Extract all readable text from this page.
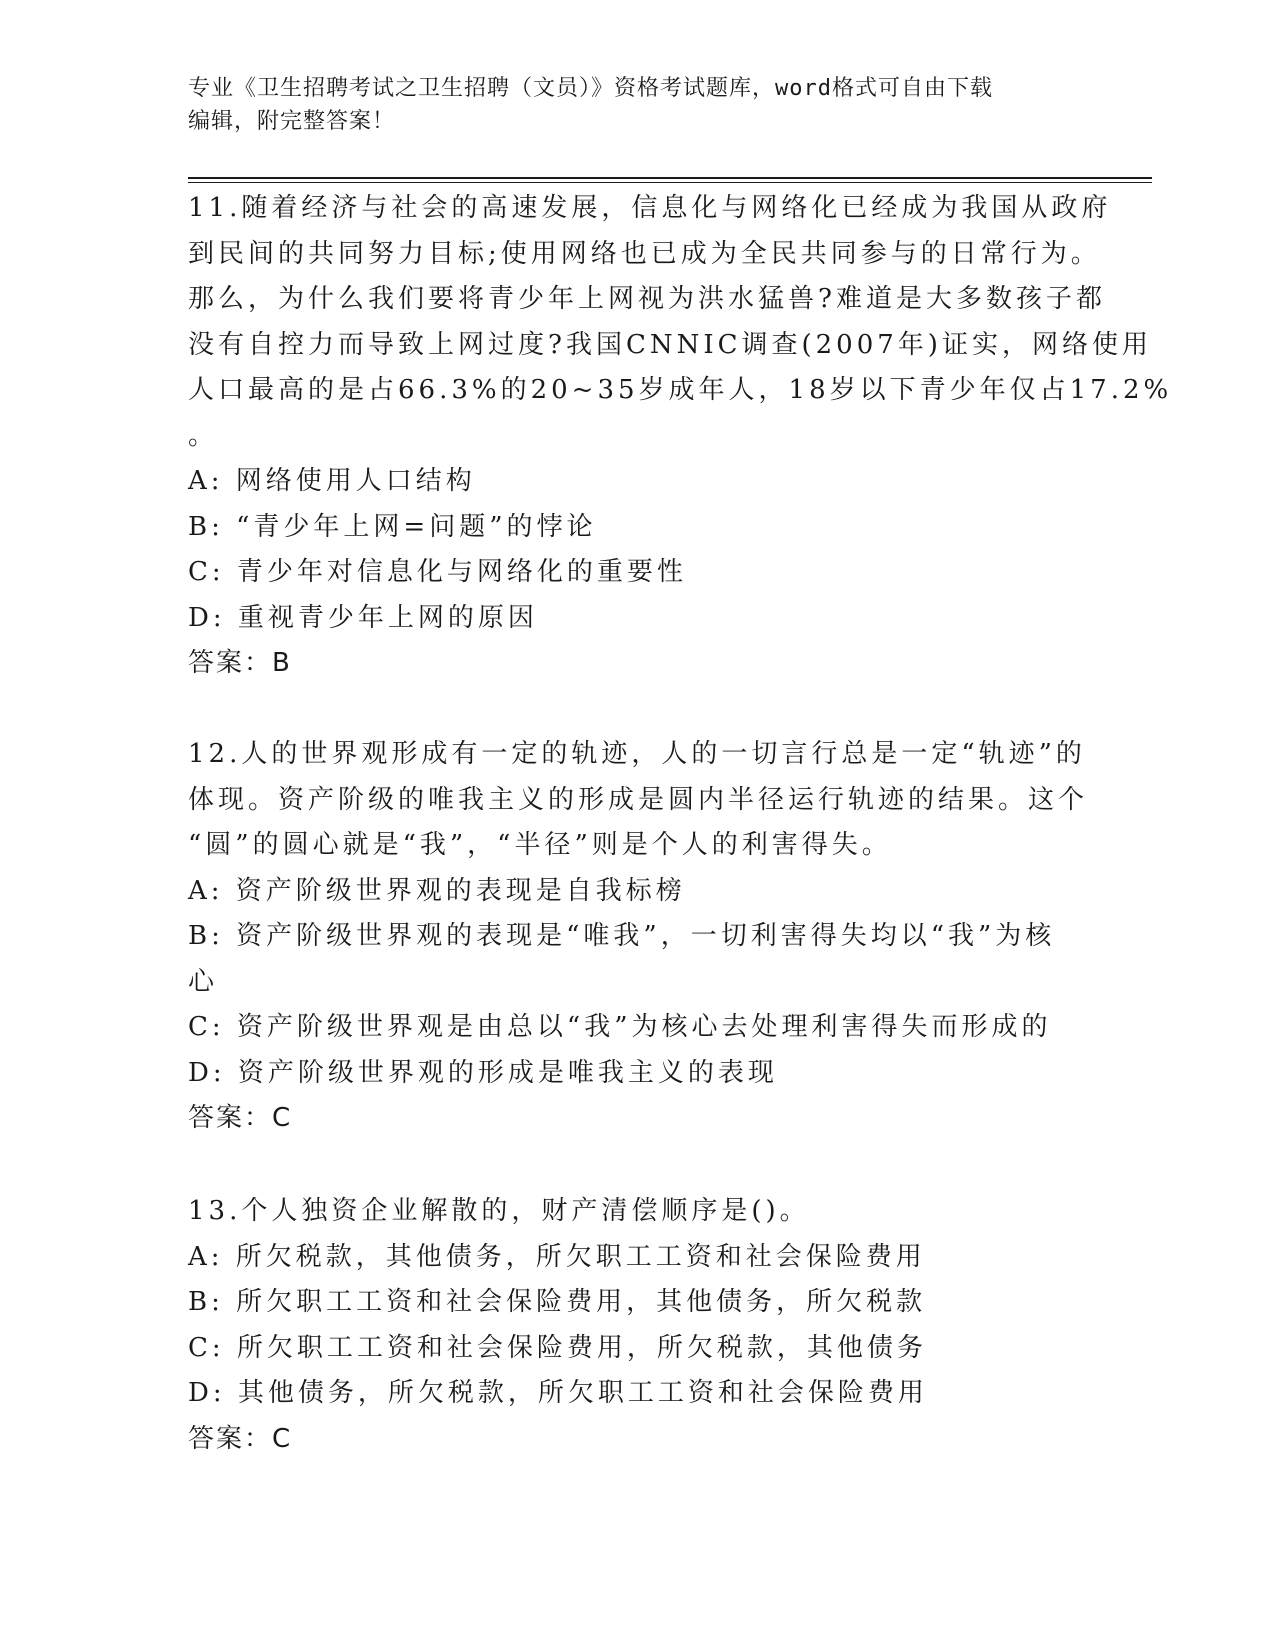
专业《卫生招聘考试之卫生招聘（文员）》资格考试题库，word格式可自由下载
编辑，附完整答案！
11.随着经济与社会的高速发展，信息化与网络化已经成为我国从政府
到民间的共同努力目标;使用网络也已成为全民共同参与的日常行为。
那么，为什么我们要将青少年上网视为洪水猛兽?难道是大多数孩子都
没有自控力而导致上网过度?我国CNNIC调查(2007年)证实，网络使用
人口最高的是占66.3%的20~35岁成年人，18岁以下青少年仅占17.2%
。
A: 网络使用人口结构
B: “青少年上网=问题”的悖论
C: 青少年对信息化与网络化的重要性
D: 重视青少年上网的原因
答案：B
12.人的世界观形成有一定的轨迹，人的一切言行总是一定“轨迹”的
体现。资产阶级的唯我主义的形成是圆内半径运行轨迹的结果。这个
“圆”的圆心就是“我”，“半径”则是个人的利害得失。
A: 资产阶级世界观的表现是自我标榜
B: 资产阶级世界观的表现是“唯我”，一切利害得失均以“我”为核
心
C: 资产阶级世界观是由总以“我”为核心去处理利害得失而形成的
D: 资产阶级世界观的形成是唯我主义的表现
答案：C
13.个人独资企业解散的，财产清偿顺序是()。
A: 所欠税款，其他债务，所欠职工工资和社会保险费用
B: 所欠职工工资和社会保险费用，其他债务，所欠税款
C: 所欠职工工资和社会保险费用，所欠税款，其他债务
D: 其他债务，所欠税款，所欠职工工资和社会保险费用
答案：C
